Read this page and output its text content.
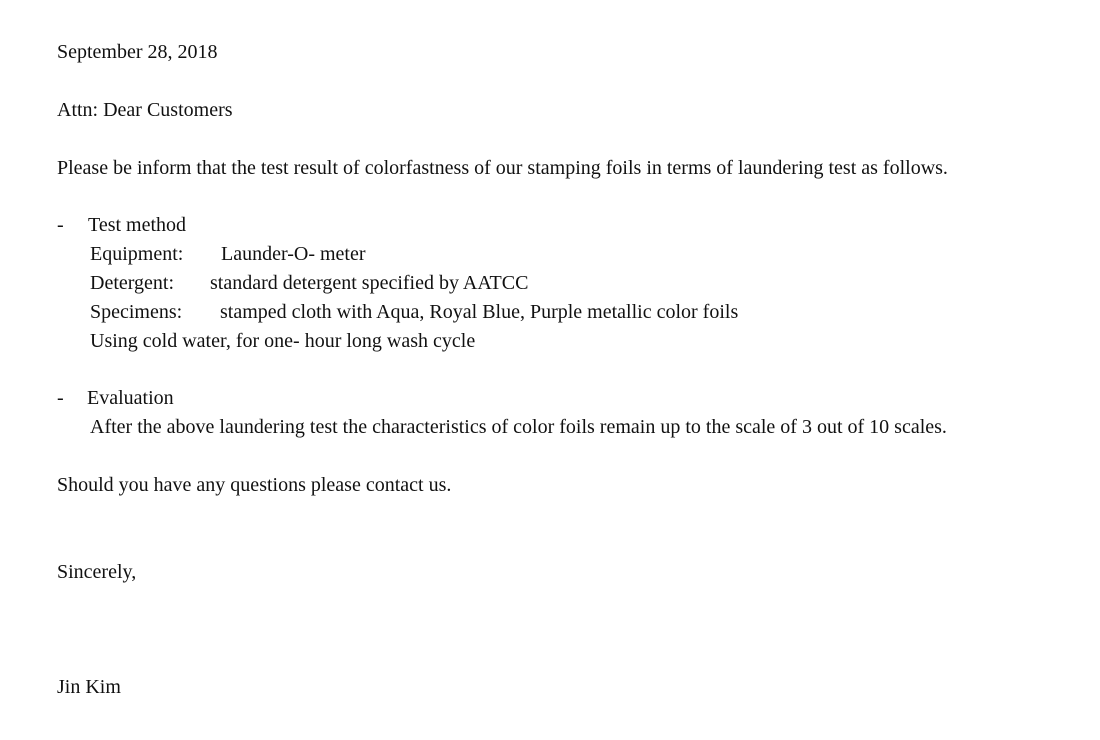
September 28, 2018
Attn: Dear Customers
Please be inform that the test result of colorfastness of our stamping foils in terms of laundering test as follows.
- Test method
Equipment: Launder-O- meter
Detergent: standard detergent specified by AATCC
Specimens: stamped cloth with Aqua, Royal Blue, Purple metallic color foils
Using cold water, for one- hour long wash cycle
- Evaluation
After the above laundering test the characteristics of color foils remain up to the scale of 3 out of 10 scales.
Should you have any questions please contact us.
Sincerely,
Jin Kim
